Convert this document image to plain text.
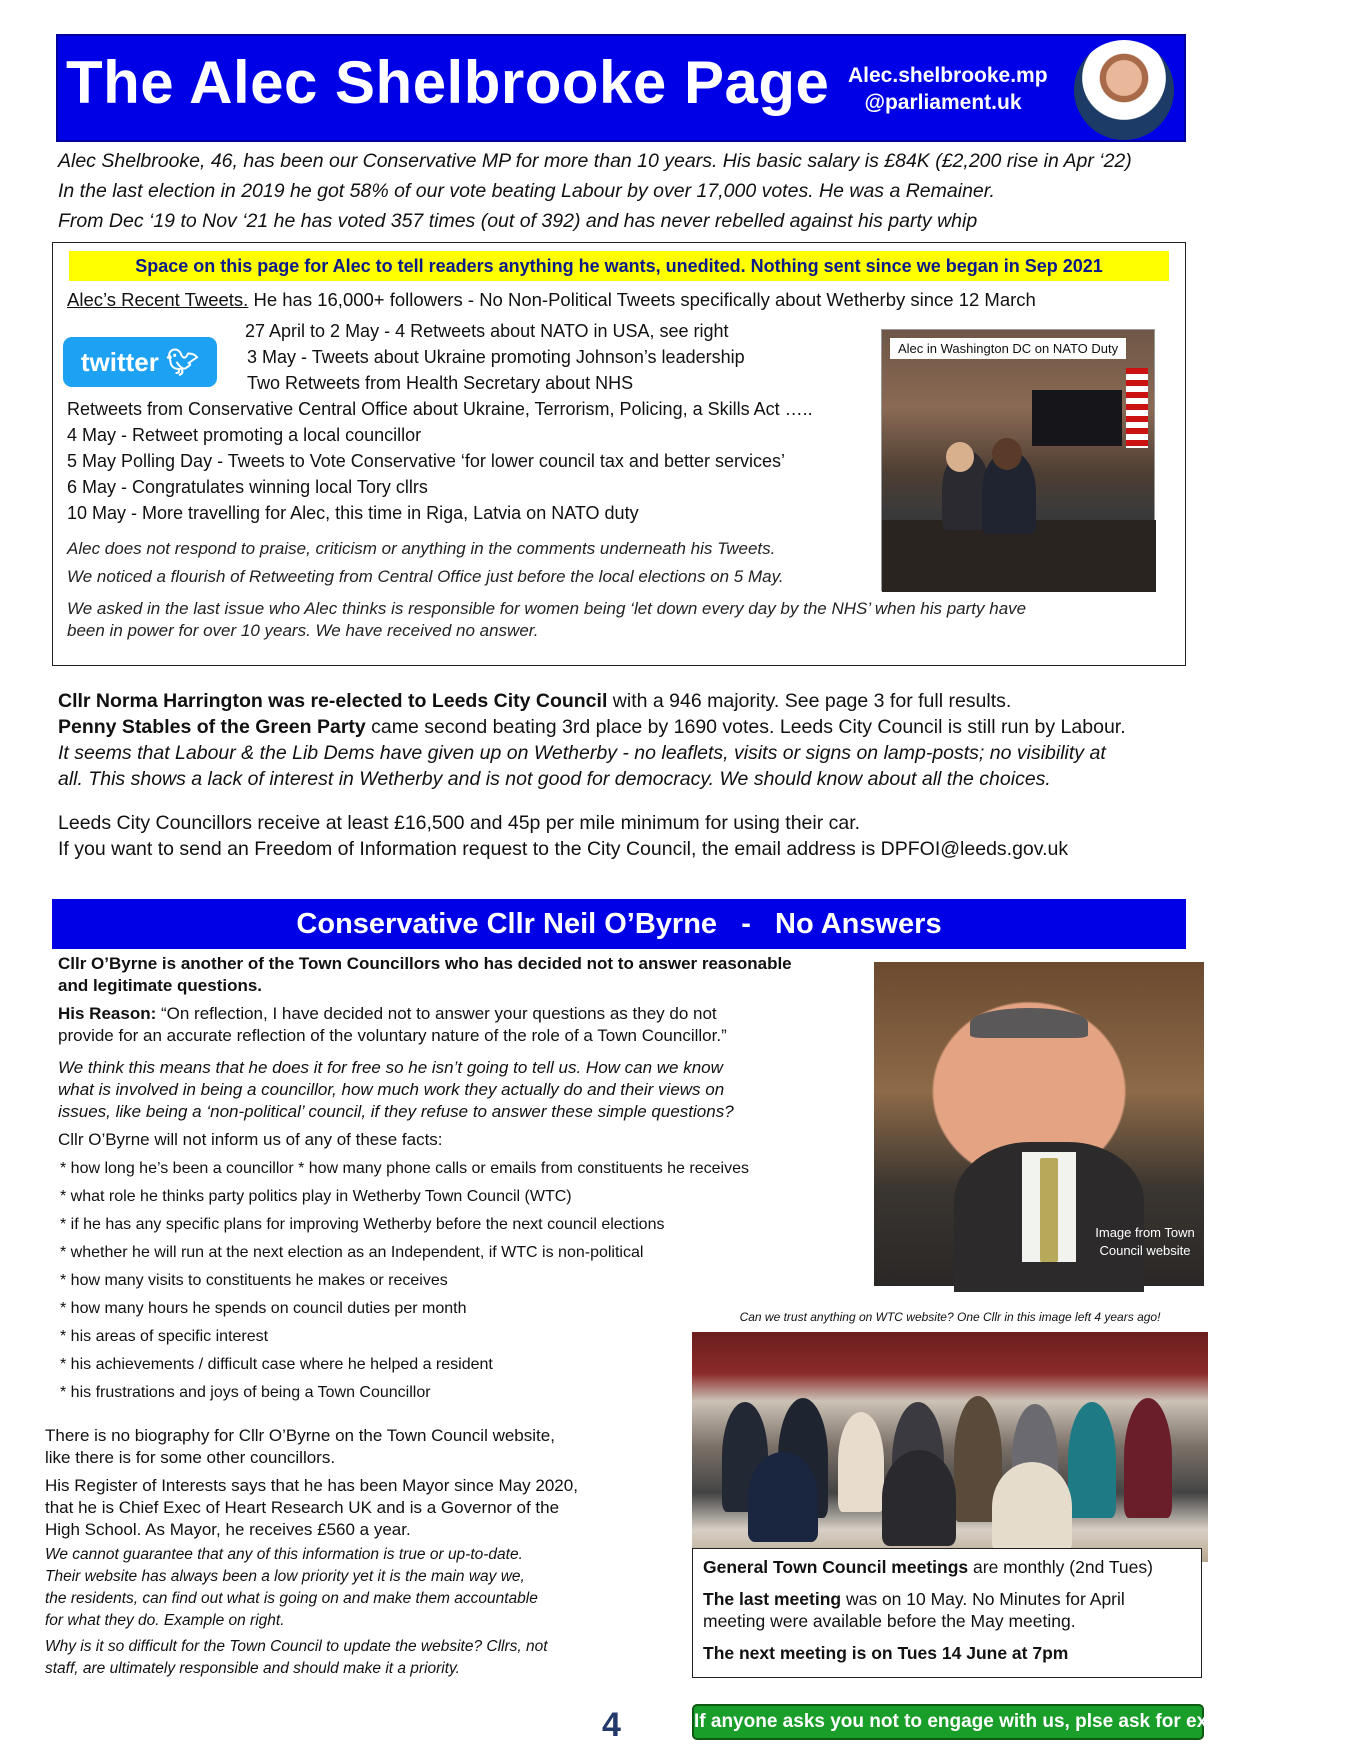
The Alec Shelbrooke Page Alec.shelbrooke.mp
@parliament.uk
Alec Shelbrooke, 46, has been our Conservative MP for more than 10 years. His basic salary is £84K (£2,200 rise in Apr ‘22)
In the last election in 2019 he got 58% of our vote beating Labour by over 17,000 votes. He was a Remainer.
From Dec ‘19 to Nov ‘21 he has voted 357 times (out of 392) and has never rebelled against his party whip
Space on this page for Alec to tell readers anything he wants, unedited. Nothing sent since we began in Sep 2021
Alec’s Recent Tweets. He has 16,000+ followers - No Non-Political Tweets specifically about Wetherby since 12 March
twitter 🐦︎
27 April to 2 May - 4 Retweets about NATO in USA, see right
3 May - Tweets about Ukraine promoting Johnson’s leadership
Two Retweets from Health Secretary about NHS
Retweets from Conservative Central Office about Ukraine, Terrorism, Policing, a Skills Act …..
4 May - Retweet promoting a local councillor
5 May Polling Day - Tweets to Vote Conservative ‘for lower council tax and better services’
6 May - Congratulates winning local Tory cllrs
10 May - More travelling for Alec, this time in Riga, Latvia on NATO duty
Alec in Washington DC on NATO Duty
Alec does not respond to praise, criticism or anything in the comments underneath his Tweets.
We noticed a flourish of Retweeting from Central Office just before the local elections on 5 May.
We asked in the last issue who Alec thinks is responsible for women being ‘let down every day by the NHS’ when his party have
been in power for over 10 years. We have received no answer.
Cllr Norma Harrington was re-elected to Leeds City Council with a 946 majority. See page 3 for full results.
Penny Stables of the Green Party came second beating 3rd place by 1690 votes. Leeds City Council is still run by Labour.
It seems that Labour & the Lib Dems have given up on Wetherby - no leaflets, visits or signs on lamp-posts; no visibility at
all. This shows a lack of interest in Wetherby and is not good for democracy. We should know about all the choices.
Leeds City Councillors receive at least £16,500 and 45p per mile minimum for using their car.
If you want to send an Freedom of Information request to the City Council, the email address is DPFOI@leeds.gov.uk
Conservative Cllr Neil O’Byrne   -   No Answers
Cllr O’Byrne is another of the Town Councillors who has decided not to answer reasonable
and legitimate questions.
His Reason: “On reflection, I have decided not to answer your questions as they do not
provide for an accurate reflection of the voluntary nature of the role of a Town Councillor.”
We think this means that he does it for free so he isn’t going to tell us. How can we know
what is involved in being a councillor, how much work they actually do and their views on
issues, like being a ‘non-political’ council, if they refuse to answer these simple questions?
Cllr O’Byrne will not inform us of any of these facts:
* how long he’s been a councillor * how many phone calls or emails from constituents he receives
* what role he thinks party politics play in Wetherby Town Council (WTC)
* if he has any specific plans for improving Wetherby before the next council elections
* whether he will run at the next election as an Independent, if WTC is non-political
* how many visits to constituents he makes or receives
* how many hours he spends on council duties per month
* his areas of specific interest
* his achievements / difficult case where he helped a resident
* his frustrations and joys of being a Town Councillor
Image from Town Council website
There is no biography for Cllr O’Byrne on the Town Council website,
like there is for some other councillors.
His Register of Interests says that he has been Mayor since May 2020,
that he is Chief Exec of Heart Research UK and is a Governor of the
High School. As Mayor, he receives £560 a year.
We cannot guarantee that any of this information is true or up-to-date.
Their website has always been a low priority yet it is the main way we,
the residents, can find out what is going on and make them accountable
for what they do. Example on right.
Why is it so difficult for the Town Council to update the website? Cllrs, not
staff, are ultimately responsible and should make it a priority.
Can we trust anything on WTC website? One Cllr in this image left 4 years ago!
General Town Council meetings are monthly (2nd Tues)
The last meeting was on 10 May. No Minutes for April
meeting were available before the May meeting.
The next meeting is on Tues 14 June at 7pm
4	If anyone asks you not to engage with us, plse ask for explanation & tell us
